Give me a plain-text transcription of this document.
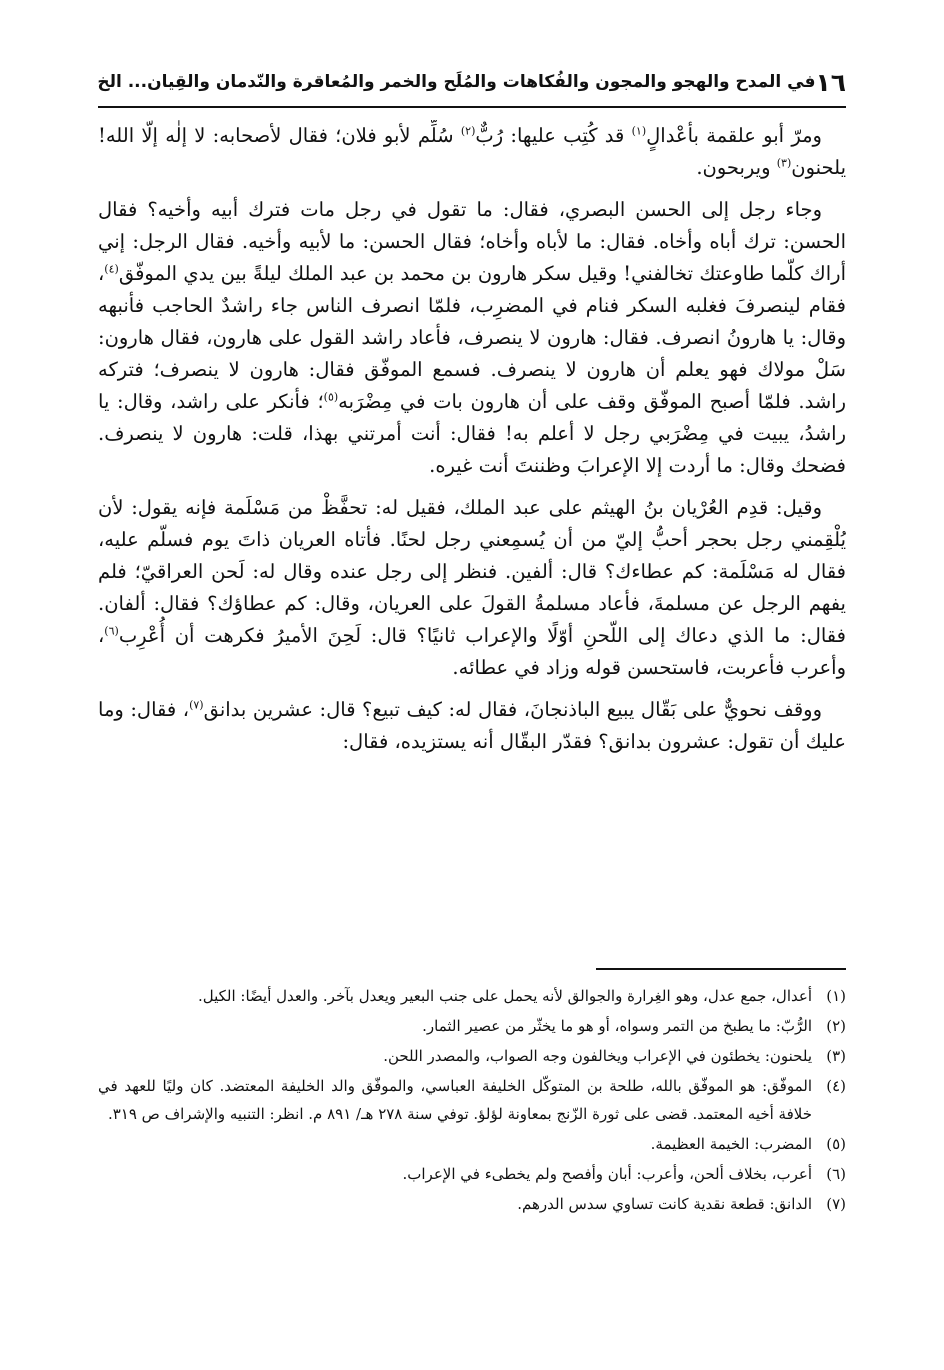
١٦
في المدح والهجو والمجون والفُكاهات والمُلَح والخمر والمُعاقرة والنّدمان والقِيان... الخ

ومرّ أبو علقمة بأعْدالٍ$^{(١)}$ قد كُتِب عليها: رُبٌّ$^{(٢)}$ سُلِّم لأبو فلان؛ فقال لأصحابه: لا إلٰه إلّا الله! يلحنون$^{(٣)}$ ويربحون.

وجاء رجل إلى الحسن البصري، فقال: ما تقول في رجل مات فترك أبيه وأخيه؟ فقال الحسن: ترك أباه وأخاه. فقال: ما لأباه وأخاه؛ فقال الحسن: ما لأبيه وأخيه. فقال الرجل: إني أراك كلّما طاوعتك تخالفني! وقيل سكر هارون بن محمد بن عبد الملك ليلةً بين يدي الموفّق$^{(٤)}$، فقام لينصرفَ فغلبه السكر فنام في المضرِب، فلمّا انصرف الناس جاء راشدٌ الحاجب فأنبهه وقال: يا هارونُ انصرف. فقال: هارون لا ينصرف، فأعاد راشد القول على هارون، فقال هارون: سَلْ مولاك فهو يعلم أن هارون لا ينصرف. فسمع الموفّق فقال: هارون لا ينصرف؛ فتركه راشد. فلمّا أصبح الموفّق وقف على أن هارون بات في مِضْرَبه$^{(٥)}$؛ فأنكر على راشد، وقال: يا راشدُ، يبيت في مِضْرَبي رجل لا أعلم به! فقال: أنت أمرتني بهذا، قلت: هارون لا ينصرف. فضحك وقال: ما أردت إلا الإعرابَ وظننتَ أنت غيره.

وقيل: قدِم العُرْيان بنُ الهيثم على عبد الملك، فقيل له: تحفَّظْ من مَسْلَمة فإنه يقول: لأن يُلْقِمني رجل بحجر أحبُّ إليّ من أن يُسمِعني رجل لحنًا. فأتاه العريان ذاتَ يوم فسلّم عليه، فقال له مَسْلَمة: كم عطاءك؟ قال: ألفين. فنظر إلى رجل عنده وقال له: لَحن العراقيّ؛ فلم يفهم الرجل عن مسلمةَ، فأعاد مسلمةُ القولَ على العريان، وقال: كم عطاؤك؟ فقال: ألفان. فقال: ما الذي دعاك إلى اللّحنِ أوّلًا والإعراب ثانيًا؟ قال: لَحِنَ الأميرُ فكرهت أن أُعْرِب$^{(٦)}$، وأعرب فأعربت، فاستحسن قوله وزاد في عطائه.

ووقف نحويٌّ على بَقّال يبيع الباذنجانَ، فقال له: كيف تبيع؟ قال: عشرين بدانق$^{(٧)}$، فقال: وما عليك أن تقول: عشرون بدانق؟ فقدّر البقّال أنه يستزيده، فقال:

(١)
أعدال، جمع عدل، وهو الغِرارة والجوالق لأنه يحمل على جنب البعير ويعدل بآخر. والعدل أيضًا: الكيل.
(٢)
الرُّبّ: ما يطبخ من التمر وسواه، أو هو ما يخثّر من عصير الثمار.
(٣)
يلحنون: يخطئون في الإعراب ويخالفون وجه الصواب، والمصدر اللحن.
(٤)
الموفّق: هو الموفّق بالله، طلحة بن المتوكّل الخليفة العباسي، والموفّق والد الخليفة المعتضد. كان وليًا للعهد في خلافة أخيه المعتمد. قضى على ثورة الزّنج بمعاونة لؤلؤ. توفي سنة ٢٧٨ هـ/ ٨٩١ م. انظر: التنبيه والإشراف ص ٣١٩.
(٥)
المضرب: الخيمة العظيمة.
(٦)
أعرب، بخلاف ألحن، وأعرب: أبان وأفصح ولم يخطىء في الإعراب.
(٧)
الدانق: قطعة نقدية كانت تساوي سدس الدرهم.
